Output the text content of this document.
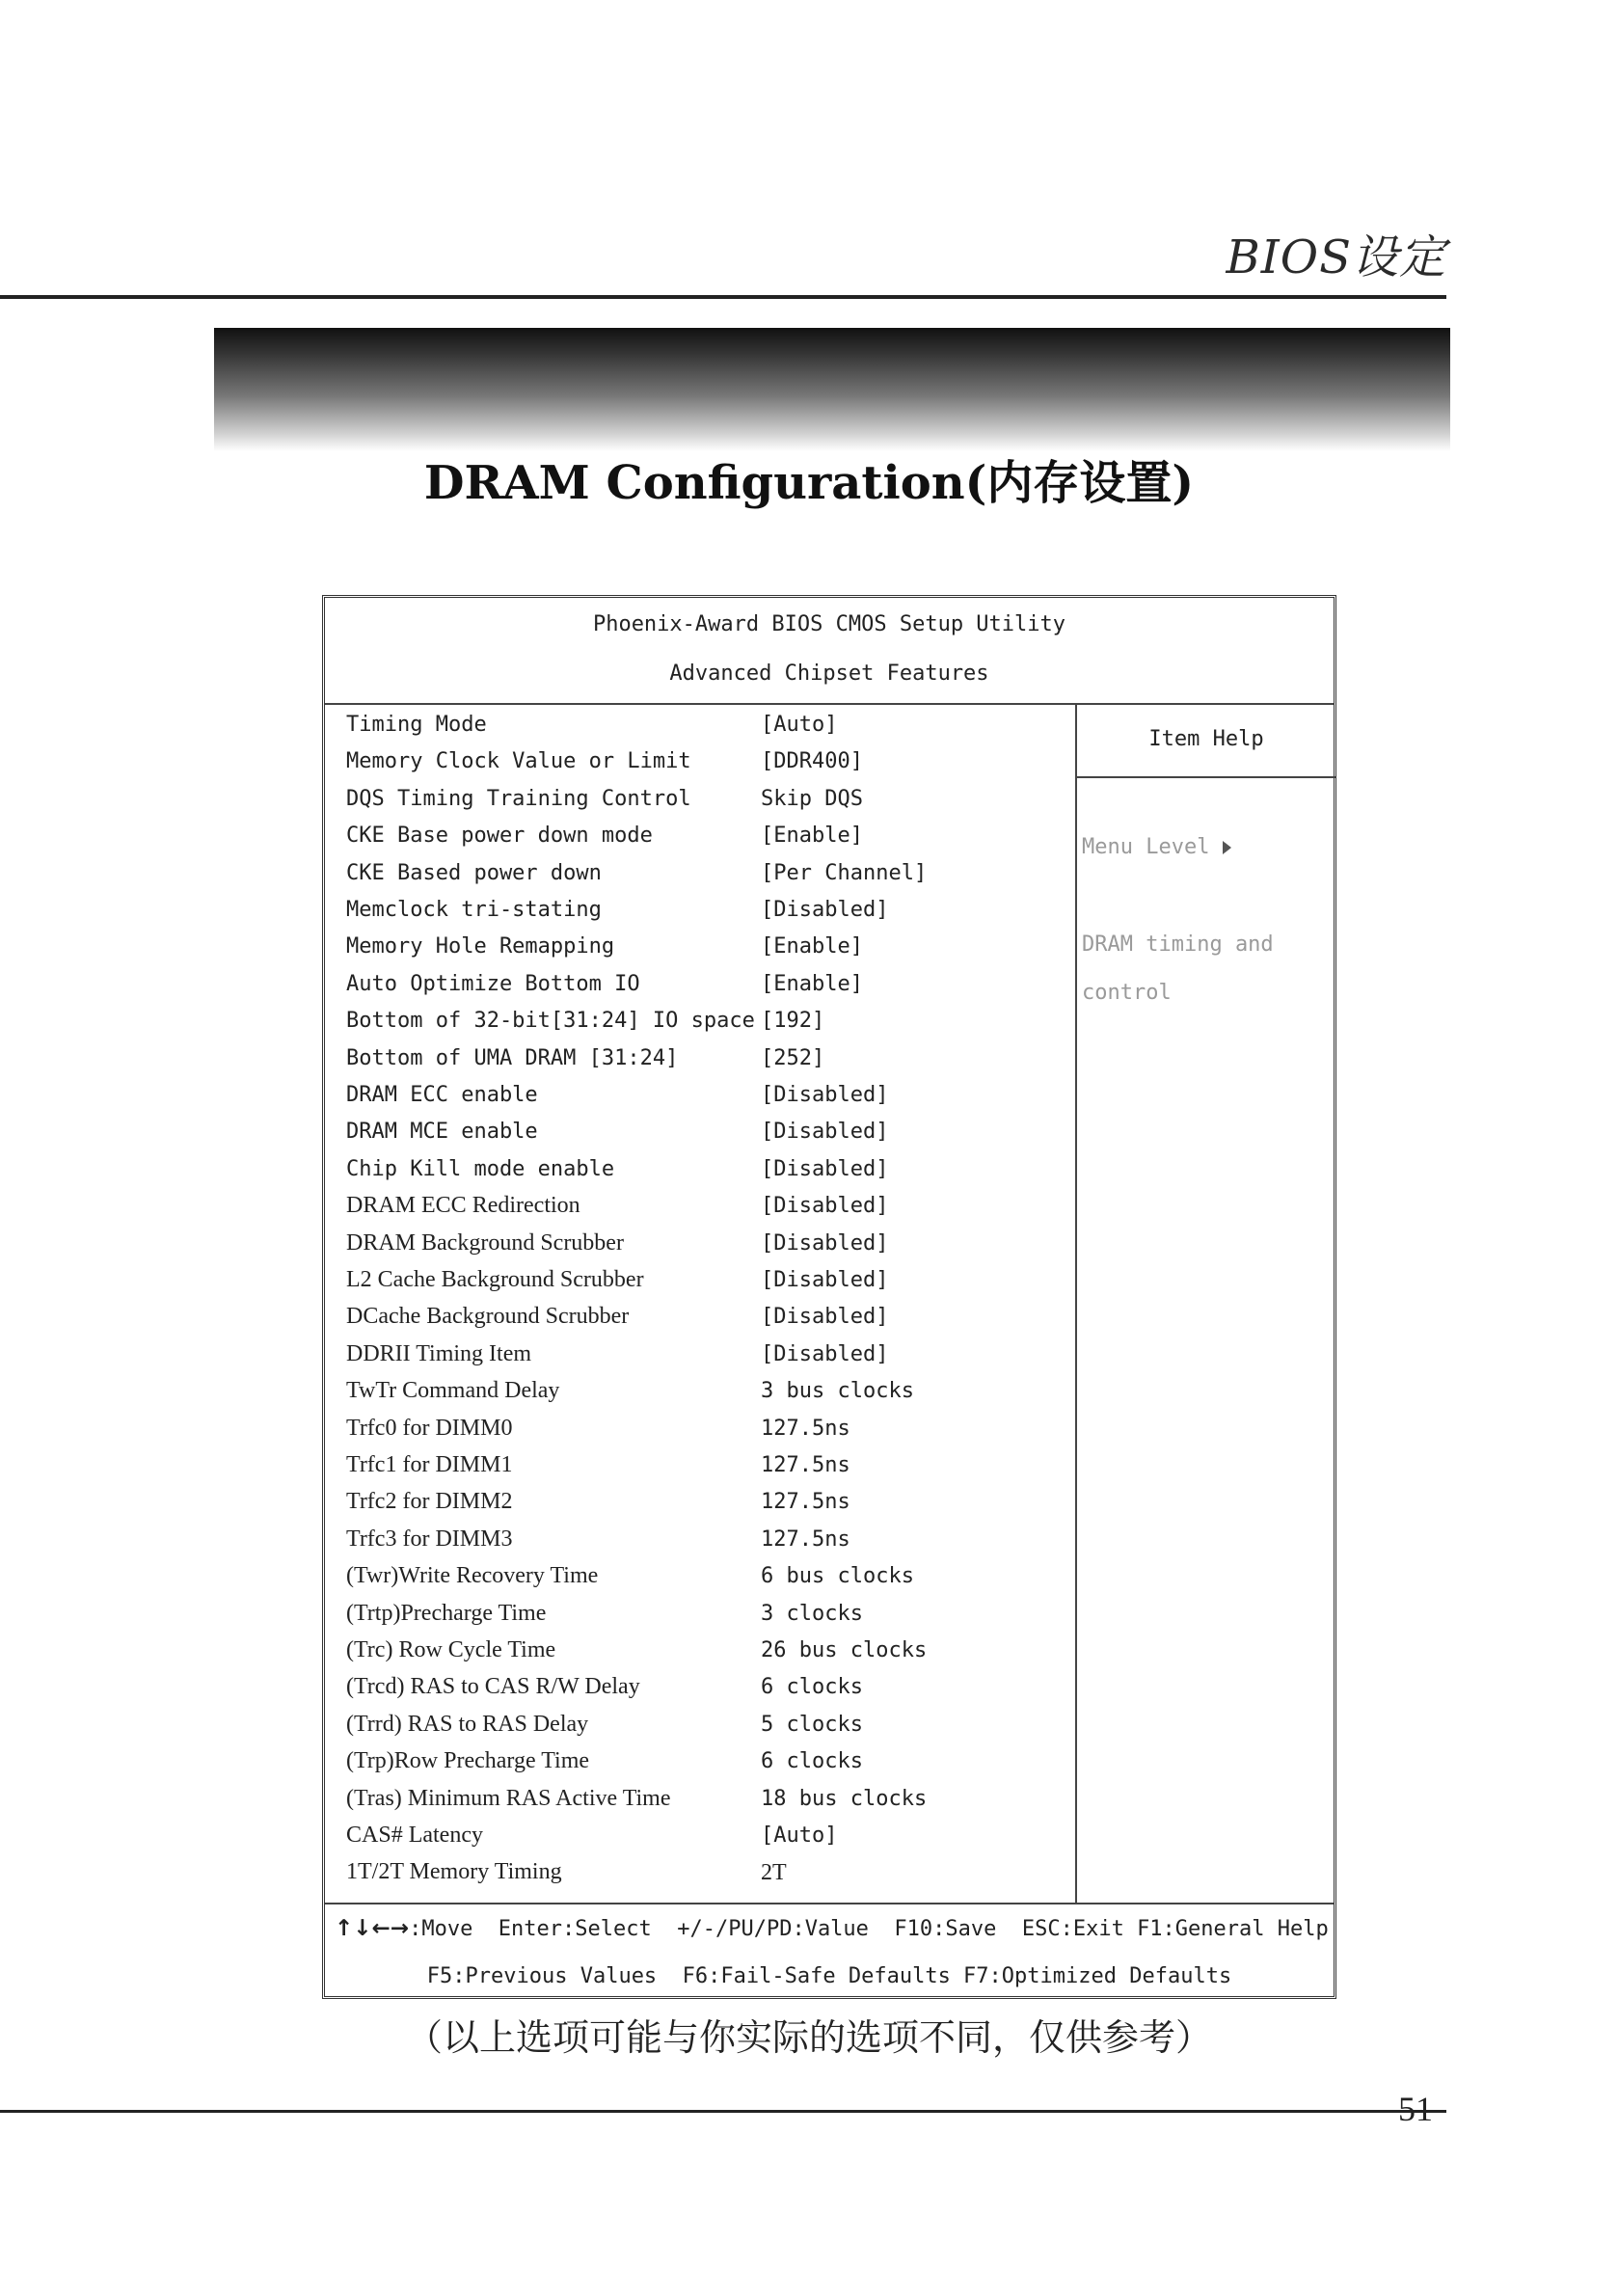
BIOS设定
DRAM Configuration(内存设置)
Phoenix-Award BIOS CMOS Setup Utility
Advanced Chipset Features
Timing Mode	[Auto]
Memory Clock Value or Limit	[DDR400]
DQS Timing Training Control	Skip DQS
CKE Base power down mode	[Enable]
CKE Based power down	[Per Channel]
Memclock tri-stating	[Disabled]
Memory Hole Remapping	[Enable]
Auto Optimize Bottom IO	[Enable]
Bottom of 32-bit[31:24] IO space [192]
Bottom of UMA DRAM [31:24]	[252]
DRAM ECC enable	[Disabled]
DRAM MCE enable	[Disabled]
Chip Kill mode enable	[Disabled]
DRAM ECC Redirection	[Disabled]
DRAM Background Scrubber	[Disabled]
L2 Cache Background Scrubber	[Disabled]
DCache Background Scrubber	[Disabled]
DDRII Timing Item	[Disabled]
TwTr Command Delay	3 bus clocks
Trfc0 for DIMM0	127.5ns
Trfc1 for DIMM1	127.5ns
Trfc2 for DIMM2	127.5ns
Trfc3 for DIMM3	127.5ns
(Twr)Write Recovery Time	6 bus clocks
(Trtp)Precharge Time	3 clocks
(Trc) Row Cycle Time	26 bus clocks
(Trcd) RAS to CAS R/W Delay	6 clocks
(Trrd) RAS to RAS Delay	5 clocks
(Trp)Row Precharge Time	6 clocks
(Tras) Minimum RAS Active Time	18 bus clocks
CAS# Latency	[Auto]
1T/2T Memory Timing	2T
Item Help
Menu Level
DRAM timing and
control
↑↓←→:Move  Enter:Select  +/-/PU/PD:Value  F10:Save  ESC:Exit F1:General Help
F5:Previous Values  F6:Fail-Safe Defaults F7:Optimized Defaults
（以上选项可能与你实际的选项不同，仅供参考）
51
